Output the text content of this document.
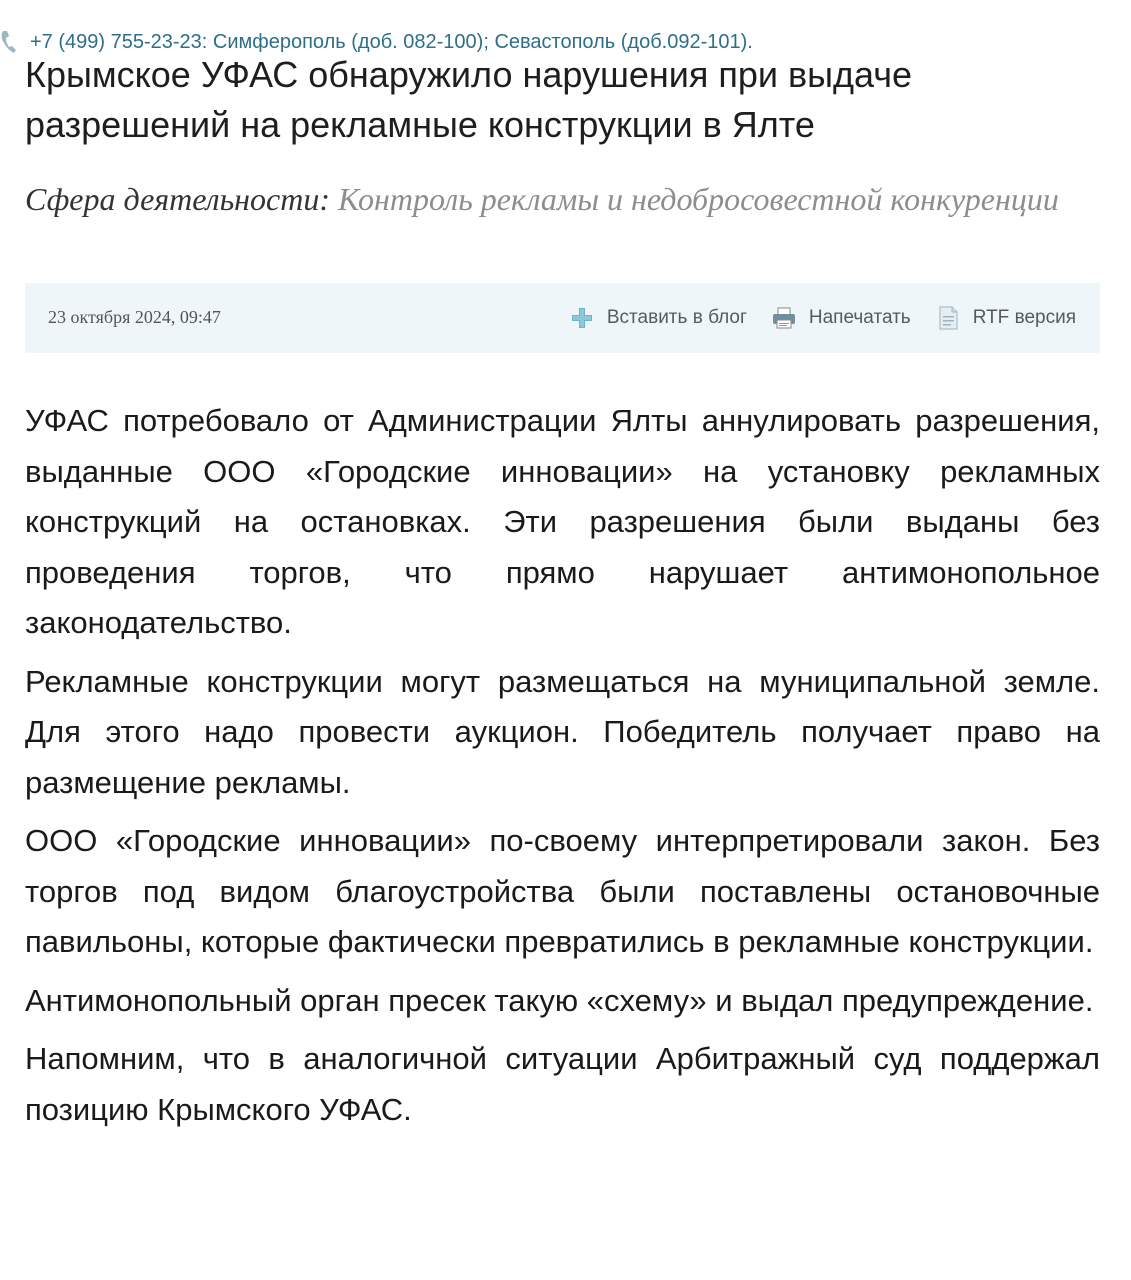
+7 (499) 755-23-23: Симферополь (доб. 082-100); Севастополь (доб.092-101).
Крымское УФАС обнаружило нарушения при выдаче разрешений на рекламные конструкции в Ялте
Сфера деятельности: Контроль рекламы и недобросовестной конкуренции
23 октября 2024, 09:47	Вставить в блог	Напечатать	RTF версия

УФАС потребовало от Администрации Ялты аннулировать разрешения, выданные ООО «Городские инновации» на установку рекламных конструкций на остановках. Эти разрешения были выданы без проведения торгов, что прямо нарушает антимонопольное законодательство.

Рекламные конструкции могут размещаться на муниципальной земле. Для этого надо провести аукцион. Победитель получает право на размещение рекламы.

ООО «Городские инновации» по-своему интерпретировали закон. Без торгов под видом благоустройства были поставлены остановочные павильоны, которые фактически превратились в рекламные конструкции.

Антимонопольный орган пресек такую «схему» и выдал предупреждение.

Напомним, что в аналогичной ситуации Арбитражный суд поддержал позицию Крымского УФАС.
